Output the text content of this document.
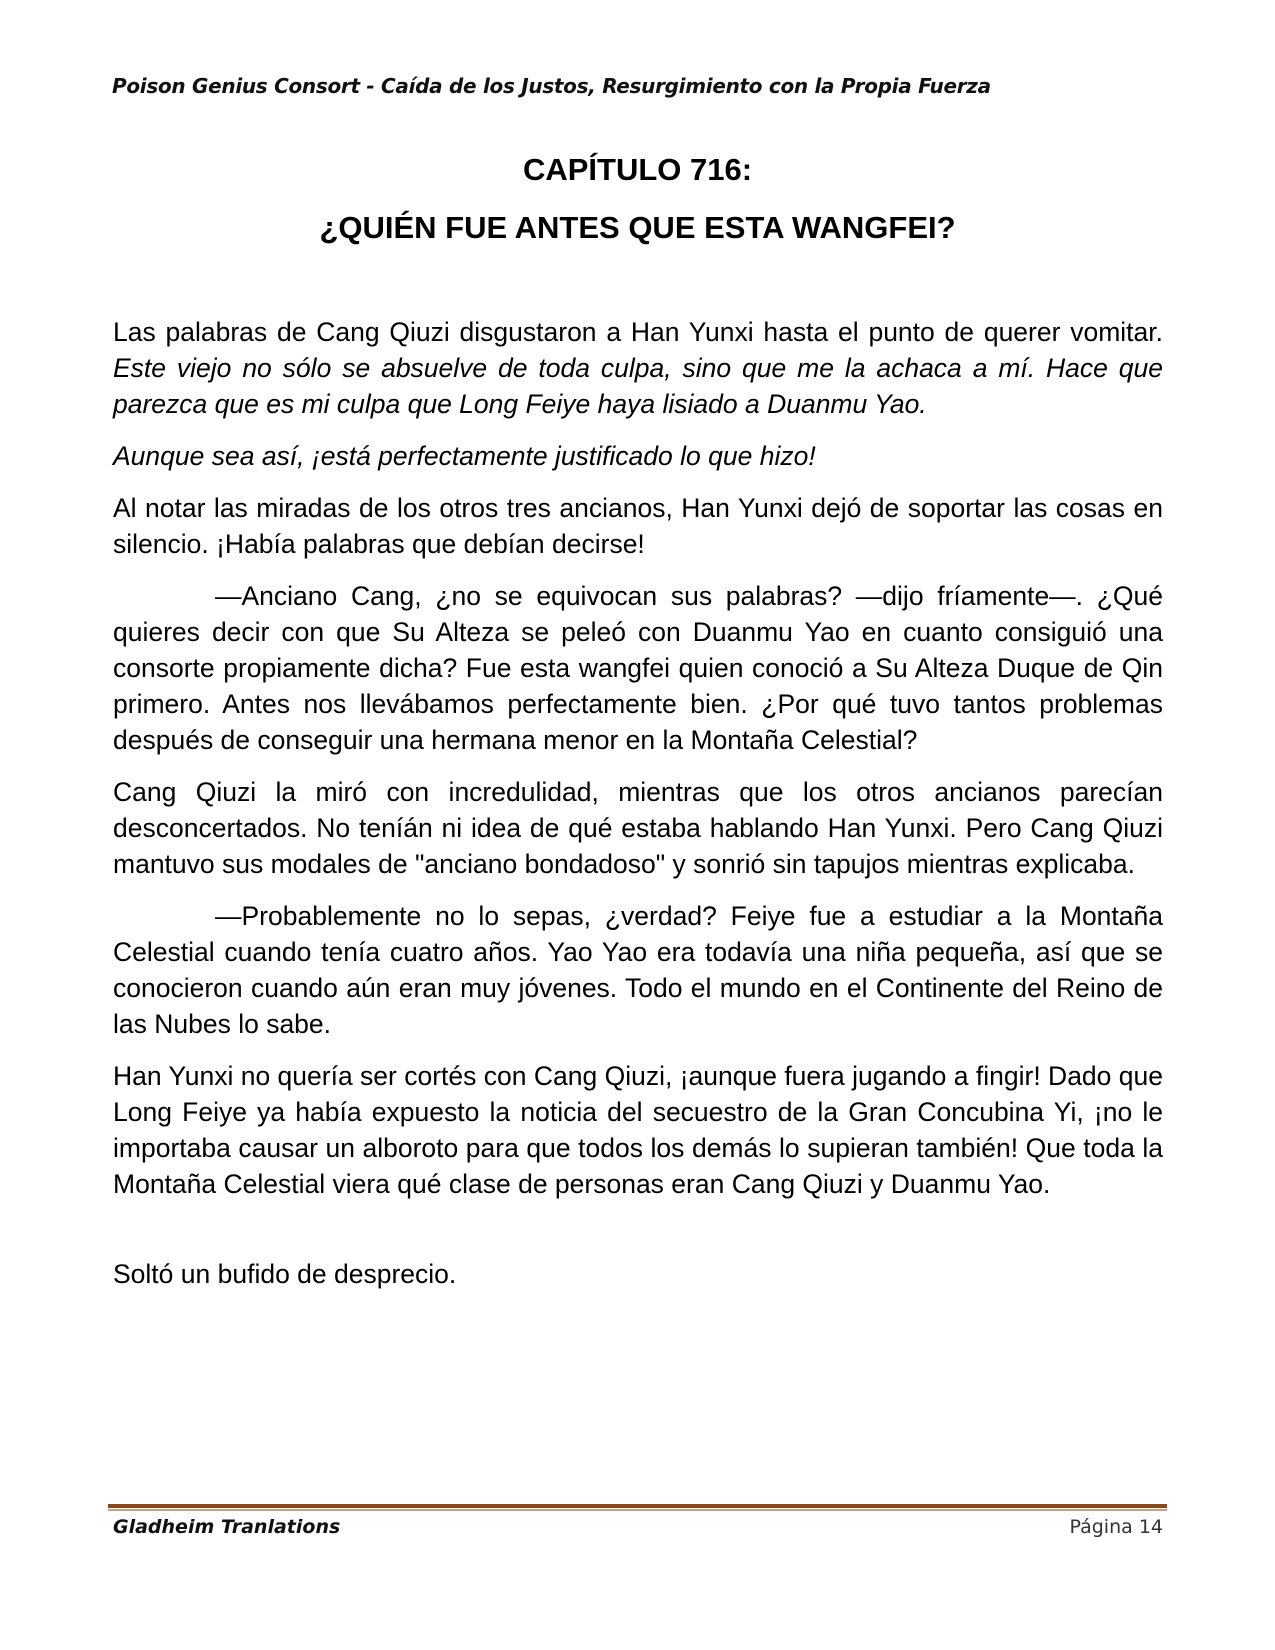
Poison Genius Consort - Caída de los Justos, Resurgimiento con la Propia Fuerza
CAPÍTULO 716:
¿QUIÉN FUE ANTES QUE ESTA WANGFEI?

Las palabras de Cang Qiuzi disgustaron a Han Yunxi hasta el punto de querer vomitar. Este viejo no sólo se absuelve de toda culpa, sino que me la achaca a mí. Hace que parezca que es mi culpa que Long Feiye haya lisiado a Duanmu Yao.

Aunque sea así, ¡está perfectamente justificado lo que hizo!

Al notar las miradas de los otros tres ancianos, Han Yunxi dejó de soportar las cosas en silencio. ¡Había palabras que debían decirse!

—Anciano Cang, ¿no se equivocan sus palabras? —dijo fríamente—. ¿Qué quieres decir con que Su Alteza se peleó con Duanmu Yao en cuanto consiguió una consorte propiamente dicha? Fue esta wangfei quien conoció a Su Alteza Duque de Qin primero. Antes nos llevábamos perfectamente bien. ¿Por qué tuvo tantos problemas después de conseguir una hermana menor en la Montaña Celestial?

Cang Qiuzi la miró con incredulidad, mientras que los otros ancianos parecían desconcertados. No teníán ni idea de qué estaba hablando Han Yunxi. Pero Cang Qiuzi mantuvo sus modales de "anciano bondadoso" y sonrió sin tapujos mientras explicaba.

—Probablemente no lo sepas, ¿verdad? Feiye fue a estudiar a la Montaña Celestial cuando tenía cuatro años. Yao Yao era todavía una niña pequeña, así que se conocieron cuando aún eran muy jóvenes. Todo el mundo en el Continente del Reino de las Nubes lo sabe.

Han Yunxi no quería ser cortés con Cang Qiuzi, ¡aunque fuera jugando a fingir! Dado que Long Feiye ya había expuesto la noticia del secuestro de la Gran Concubina Yi, ¡no le importaba causar un alboroto para que todos los demás lo supieran también! Que toda la Montaña Celestial viera qué clase de personas eran Cang Qiuzi y Duanmu Yao.

Soltó un bufido de desprecio.

Gladheim Tranlations	Página 14
